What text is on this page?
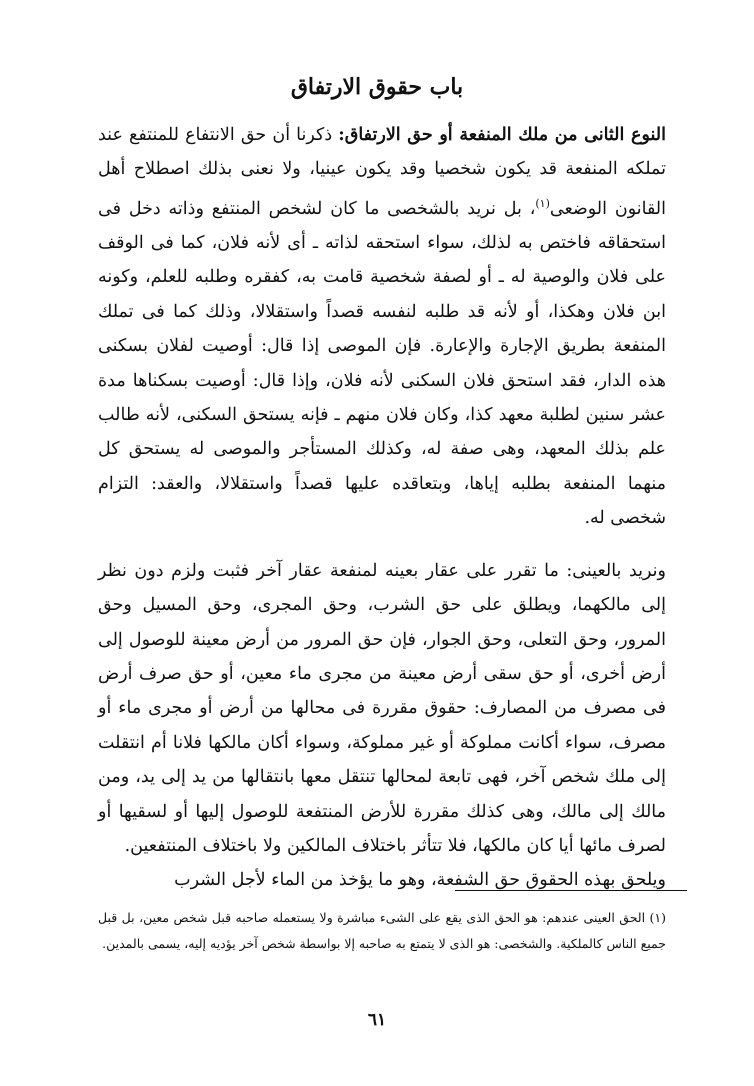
باب حقوق الارتفاق

النوع الثانى من ملك المنفعة أو حق الارتفاق: ذكرنا أن حق الانتفاع للمنتفع عند تملكه المنفعة قد يكون شخصيا وقد يكون عينيا، ولا نعنى بذلك اصطلاح أهل القانون الوضعى$^{(١)}$، بل نريد بالشخصى ما كان لشخص المنتفع وذاته دخل فى استحقاقه فاختص به لذلك، سواء استحقه لذاته ـ أى لأنه فلان، كما فى الوقف على فلان والوصية له ـ أو لصفة شخصية قامت به، كفقره وطلبه للعلم، وكونه ابن فلان وهكذا، أو لأنه قد طلبه لنفسه قصداً واستقلالا، وذلك كما فى تملك المنفعة بطريق الإجارة والإعارة. فإن الموصى إذا قال: أوصيت لفلان بسكنى هذه الدار، فقد استحق فلان السكنى لأنه فلان، وإذا قال: أوصيت بسكناها مدة عشر سنين لطلبة معهد كذا، وكان فلان منهم ـ فإنه يستحق السكنى، لأنه طالب علم بذلك المعهد، وهى صفة له، وكذلك المستأجر والموصى له يستحق كل منهما المنفعة بطلبه إياها، وبتعاقده عليها قصداً واستقلالا، والعقد: التزام شخصى له.

ونريد بالعينى: ما تقرر على عقار بعينه لمنفعة عقار آخر فثبت ولزم دون نظر إلى مالكهما، ويطلق على حق الشرب، وحق المجرى، وحق المسيل وحق المرور، وحق التعلى، وحق الجوار، فإن حق المرور من أرض معينة للوصول إلى أرض أخرى، أو حق سقى أرض معينة من مجرى ماء معين، أو حق صرف أرض فى مصرف من المصارف: حقوق مقررة فى محالها من أرض أو مجرى ماء أو مصرف، سواء أكانت مملوكة أو غير مملوكة، وسواء أكان مالكها فلانا أم انتقلت إلى ملك شخص آخر، فهى تابعة لمحالها تنتقل معها بانتقالها من يد إلى يد، ومن مالك إلى مالك، وهى كذلك مقررة للأرض المنتفعة للوصول إليها أو لسقيها أو لصرف مائها أيا كان مالكها، فلا تتأثر باختلاف المالكين ولا باختلاف المنتفعين.

ويلحق بهذه الحقوق حق الشفعة، وهو ما يؤخذ من الماء لأجل الشرب

(١) الحق العينى عندهم: هو الحق الذى يقع على الشىء مباشرة ولا يستعمله صاحبه قبل شخص معين، بل قبل جميع الناس كالملكية. والشخصى: هو الذى لا يتمتع به صاحبه إلا بواسطة شخص آخر يؤديه إليه، يسمى بالمدين.

٦١
